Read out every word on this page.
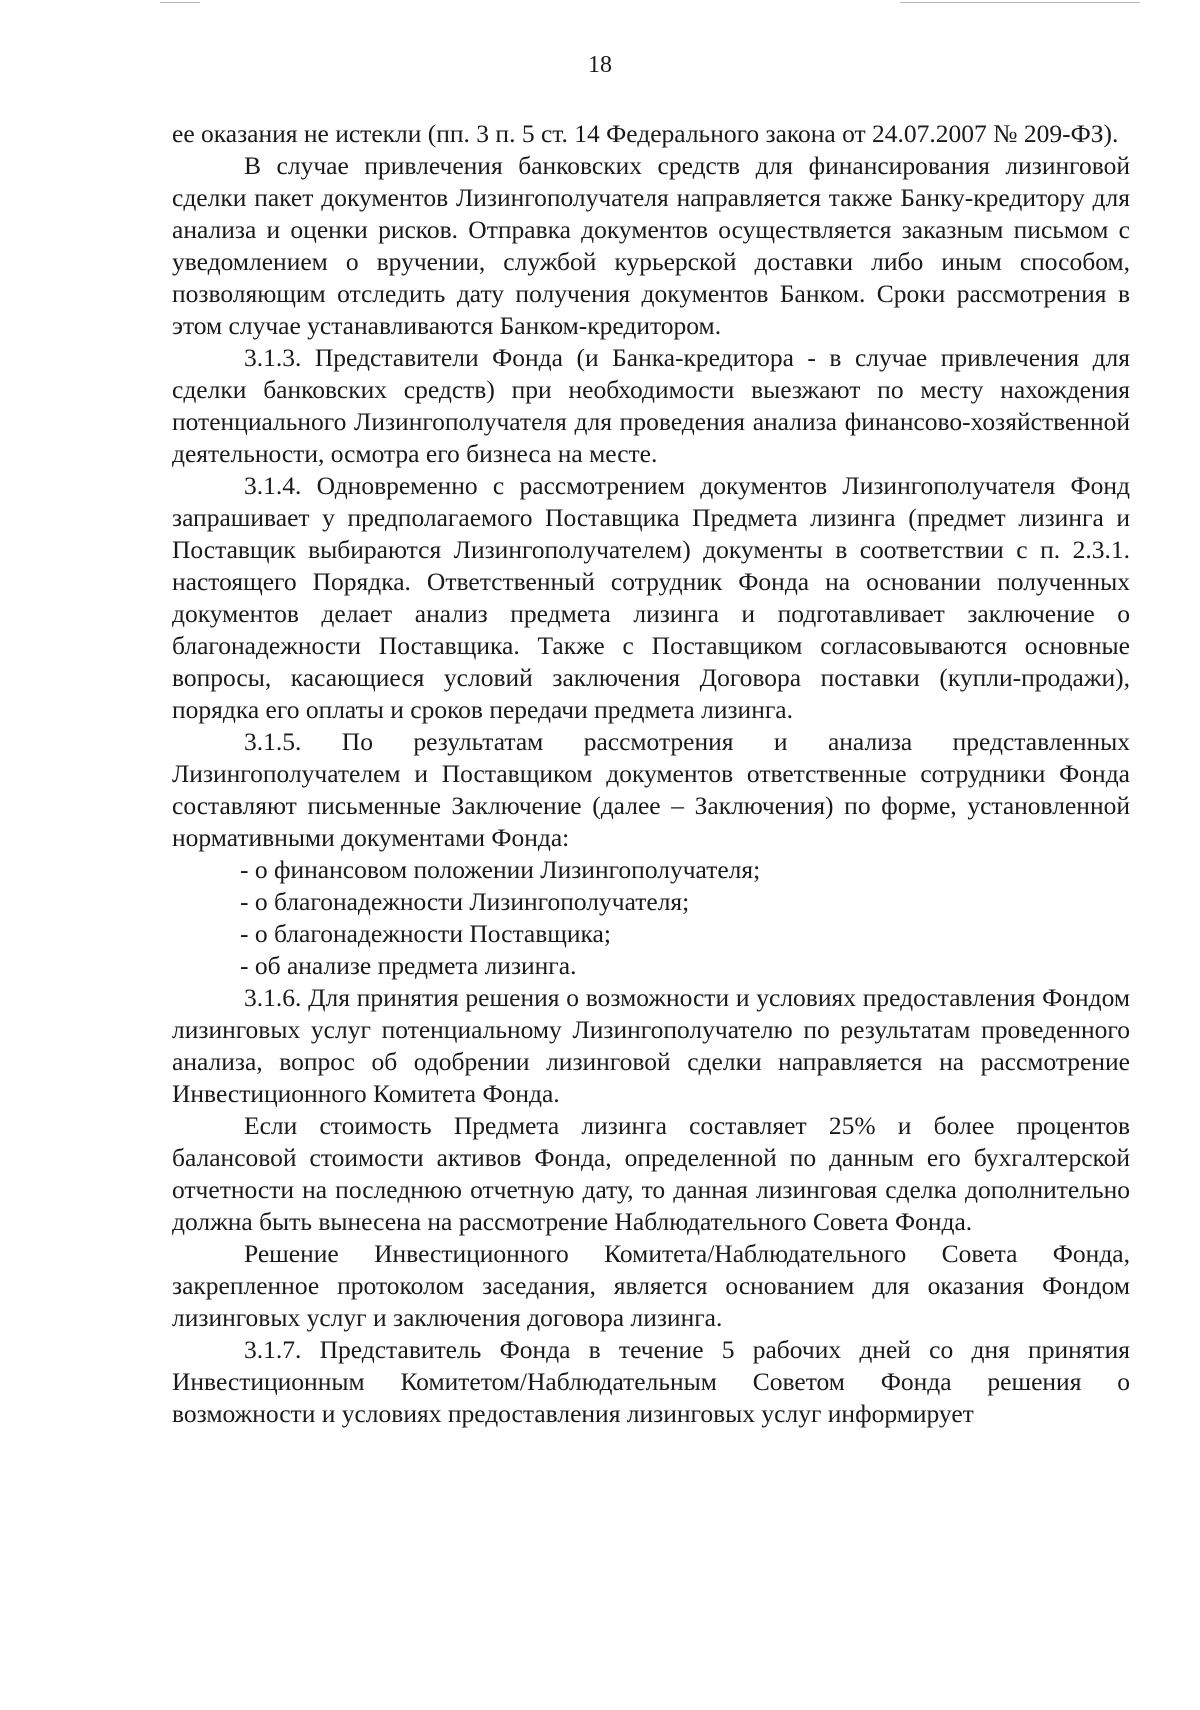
18

ее оказания не истекли (пп. 3 п. 5 ст. 14 Федерального закона от 24.07.2007 № 209-ФЗ).

В случае привлечения банковских средств для финансирования лизинговой сделки пакет документов Лизингополучателя направляется также Банку-кредитору для анализа и оценки рисков. Отправка документов осуществляется заказным письмом с уведомлением о вручении, службой курьерской доставки либо иным способом, позволяющим отследить дату получения документов Банком. Сроки рассмотрения в этом случае устанавливаются Банком-кредитором.

3.1.3. Представители Фонда (и Банка-кредитора - в случае привлечения для сделки банковских средств) при необходимости выезжают по месту нахождения потенциального Лизингополучателя для проведения анализа финансово-хозяйственной деятельности, осмотра его бизнеса на месте.

3.1.4. Одновременно с рассмотрением документов Лизингополучателя Фонд запрашивает у предполагаемого Поставщика Предмета лизинга (предмет лизинга и Поставщик выбираются Лизингополучателем) документы в соответствии с п. 2.3.1. настоящего Порядка. Ответственный сотрудник Фонда на основании полученных документов делает анализ предмета лизинга и подготавливает заключение о благонадежности Поставщика. Также с Поставщиком согласовываются основные вопросы, касающиеся условий заключения Договора поставки (купли-продажи), порядка его оплаты и сроков передачи предмета лизинга.

3.1.5. По результатам рассмотрения и анализа представленных Лизингополучателем и Поставщиком документов ответственные сотрудники Фонда составляют письменные Заключение (далее – Заключения) по форме, установленной нормативными документами Фонда:

- о финансовом положении Лизингополучателя;

- о благонадежности Лизингополучателя;

- о благонадежности Поставщика;

- об анализе предмета лизинга.

3.1.6. Для принятия решения о возможности и условиях предоставления Фондом лизинговых услуг потенциальному Лизингополучателю по результатам проведенного анализа, вопрос об одобрении лизинговой сделки направляется на рассмотрение Инвестиционного Комитета Фонда.

Если стоимость Предмета лизинга составляет 25% и более процентов балансовой стоимости активов Фонда, определенной по данным его бухгалтерской отчетности на последнюю отчетную дату, то данная лизинговая сделка дополнительно должна быть вынесена на рассмотрение Наблюдательного Совета Фонда.

Решение Инвестиционного Комитета/Наблюдательного Совета Фонда, закрепленное протоколом заседания, является основанием для оказания Фондом лизинговых услуг и заключения договора лизинга.

3.1.7. Представитель Фонда в течение 5 рабочих дней со дня принятия Инвестиционным Комитетом/Наблюдательным Советом Фонда решения о возможности и условиях предоставления лизинговых услуг информирует
